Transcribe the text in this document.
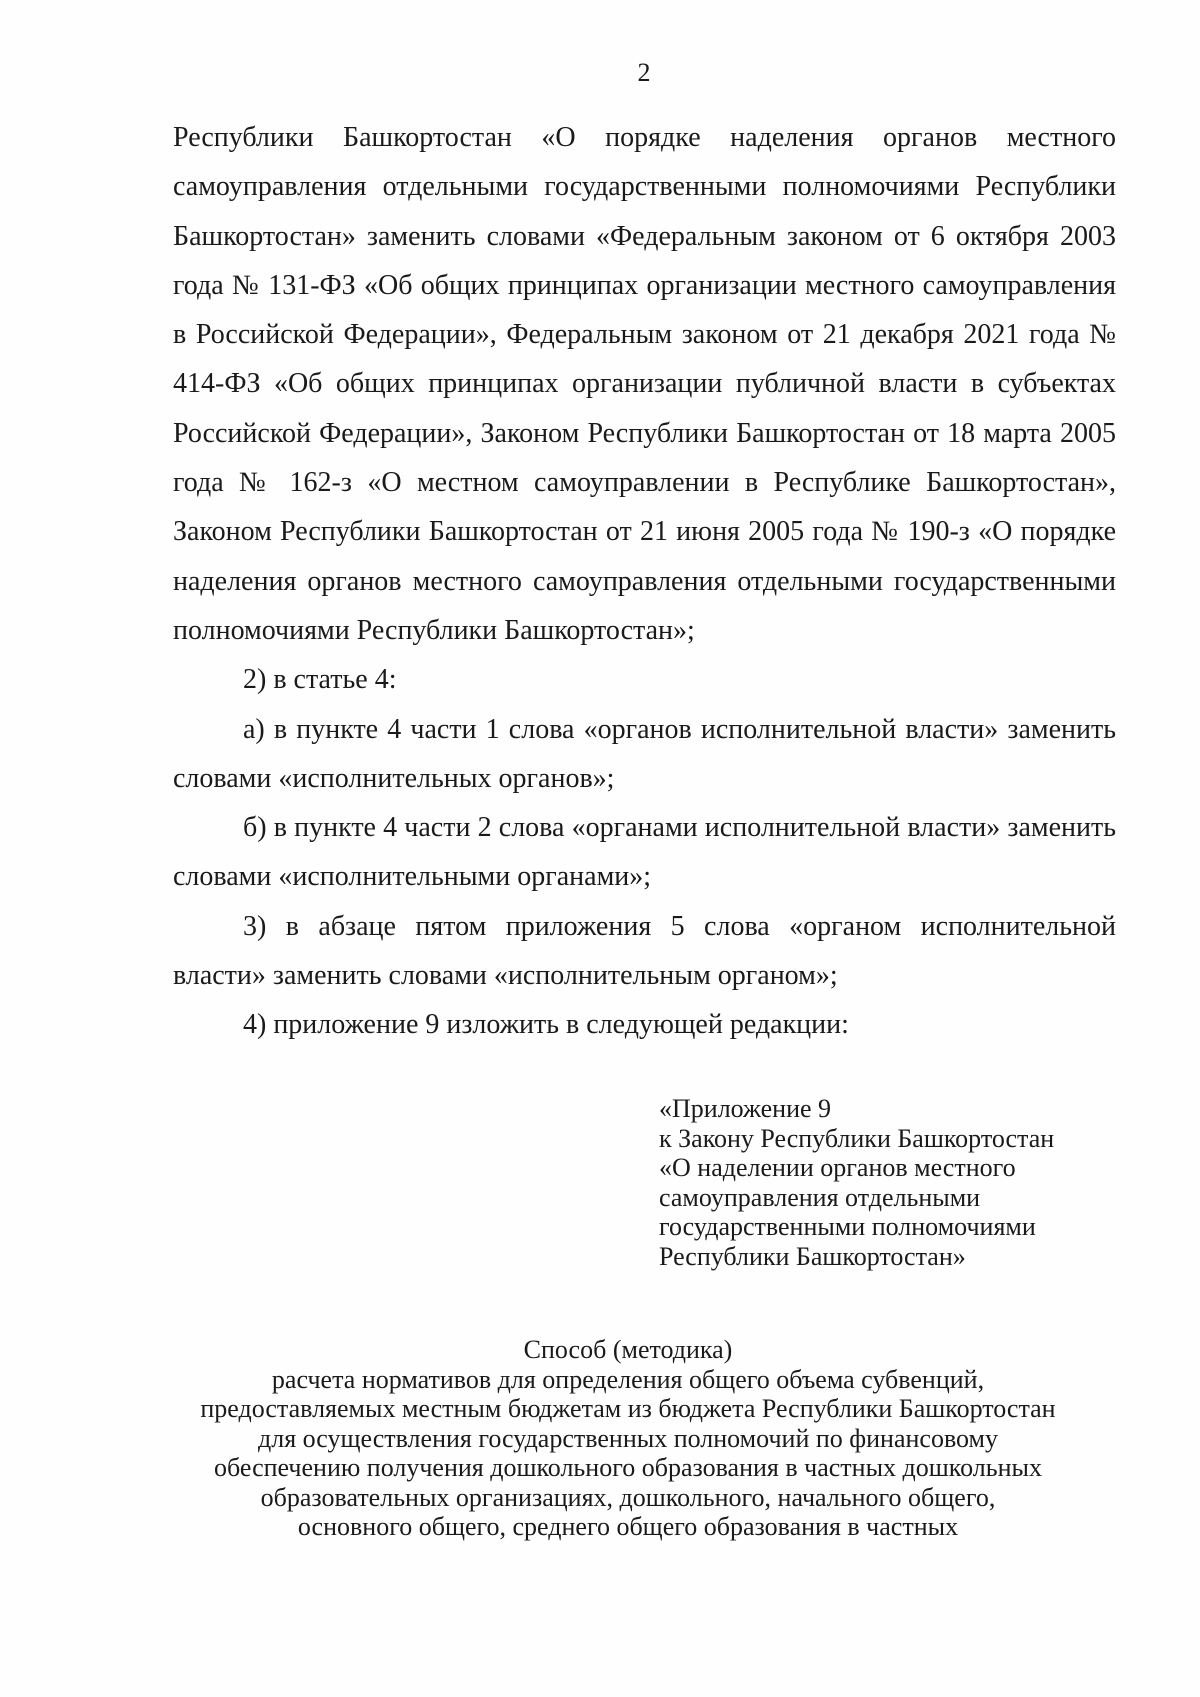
2

Республики Башкортостан «О порядке наделения органов местного самоуправления отдельными государственными полномочиями Республики Башкортостан» заменить словами «Федеральным законом от 6 октября 2003 года № 131-ФЗ «Об общих принципах организации местного самоуправления в Российской Федерации», Федеральным законом от 21 декабря 2021 года № 414-ФЗ «Об общих принципах организации публичной власти в субъектах Российской Федерации», Законом Республики Башкортостан от 18 марта 2005 года № 162-з «О местном самоуправлении в Республике Башкортостан», Законом Республики Башкортостан от 21 июня 2005 года № 190-з «О порядке наделения органов местного самоуправления отдельными государственными полномочиями Республики Башкортостан»;

2) в статье 4:

а) в пункте 4 части 1 слова «органов исполнительной власти» заменить словами «исполнительных органов»;

б) в пункте 4 части 2 слова «органами исполнительной власти» заменить словами «исполнительными органами»;

3) в абзаце пятом приложения 5 слова «органом исполнительной власти» заменить словами «исполнительным органом»;

4) приложение 9 изложить в следующей редакции:

«Приложение 9
к Закону Республики Башкортостан
«О наделении органов местного
самоуправления отдельными
государственными полномочиями
Республики Башкортостан»
Способ (методика)
расчета нормативов для определения общего объема субвенций,
предоставляемых местным бюджетам из бюджета Республики Башкортостан
для осуществления государственных полномочий по финансовому
обеспечению получения дошкольного образования в частных дошкольных
образовательных организациях, дошкольного, начального общего,
основного общего, среднего общего образования в частных
